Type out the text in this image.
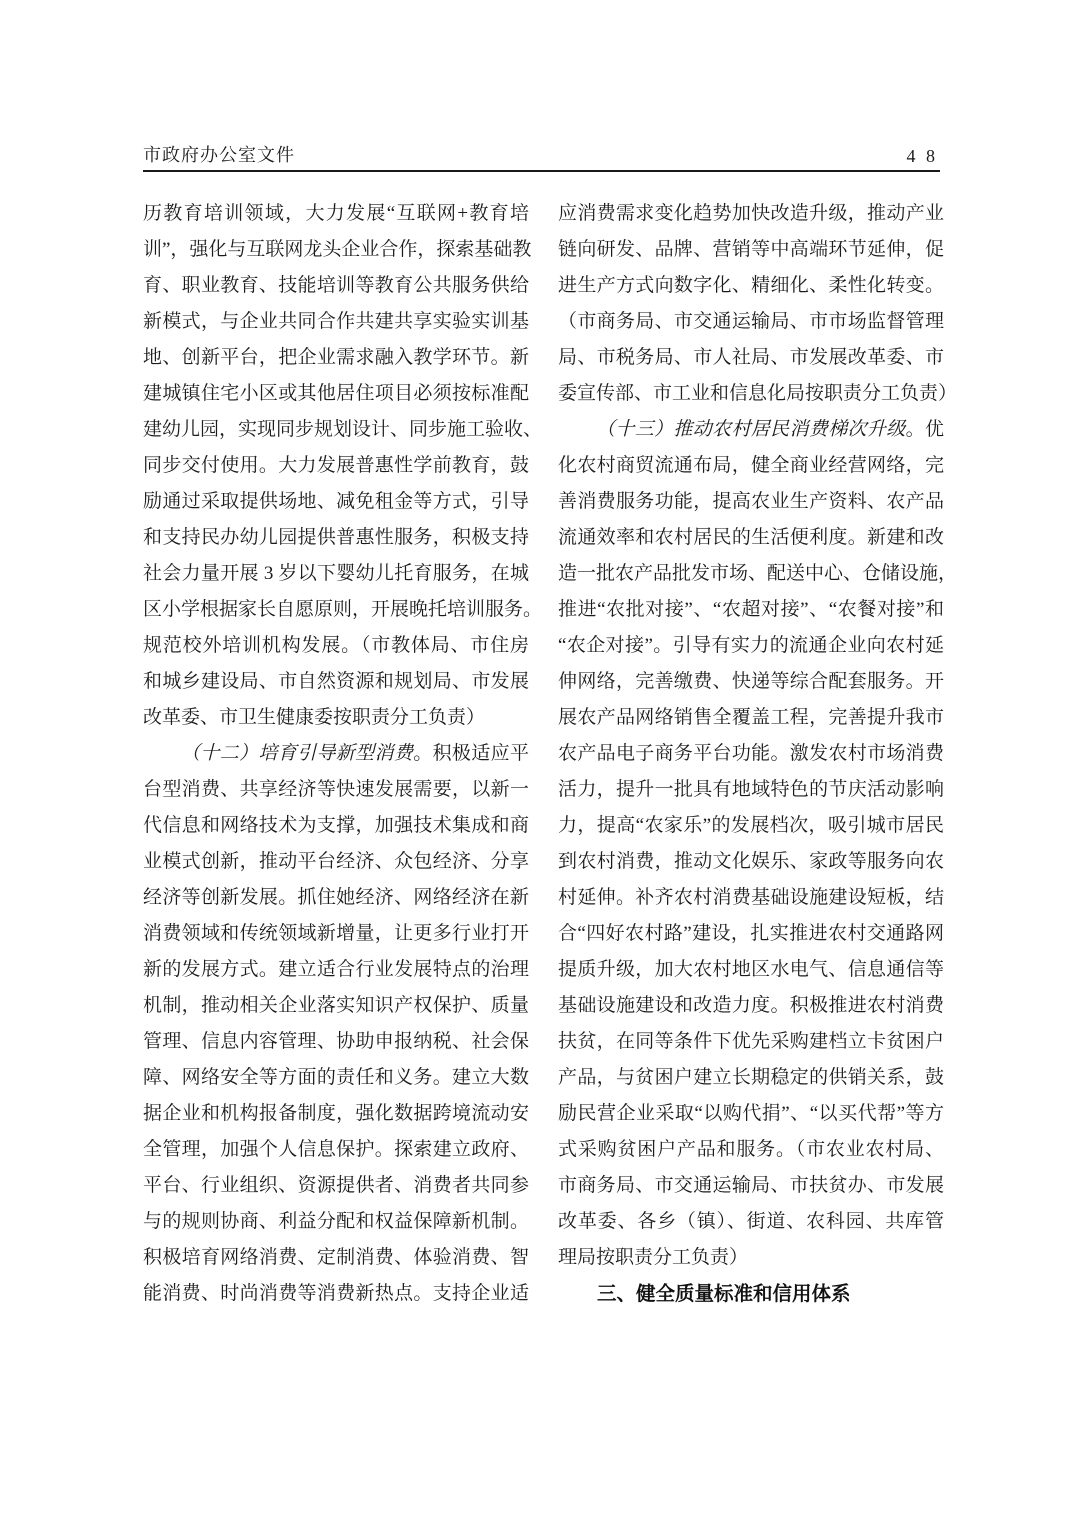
市政府办公室文件	4 8
历教育培训领域，大力发展“互联网+教育培
训”，强化与互联网龙头企业合作，探索基础教
育、职业教育、技能培训等教育公共服务供给
新模式，与企业共同合作共建共享实验实训基
地、创新平台，把企业需求融入教学环节。新
建城镇住宅小区或其他居住项目必须按标准配
建幼儿园，实现同步规划设计、同步施工验收、
同步交付使用。大力发展普惠性学前教育，鼓
励通过采取提供场地、减免租金等方式，引导
和支持民办幼儿园提供普惠性服务，积极支持
社会力量开展 3 岁以下婴幼儿托育服务，在城
区小学根据家长自愿原则，开展晚托培训服务。
规范校外培训机构发展。（市教体局、市住房
和城乡建设局、市自然资源和规划局、市发展
改革委、市卫生健康委按职责分工负责）
（十二）培育引导新型消费。积极适应平
台型消费、共享经济等快速发展需要，以新一
代信息和网络技术为支撑，加强技术集成和商
业模式创新，推动平台经济、众包经济、分享
经济等创新发展。抓住她经济、网络经济在新
消费领域和传统领域新增量，让更多行业打开
新的发展方式。建立适合行业发展特点的治理
机制，推动相关企业落实知识产权保护、质量
管理、信息内容管理、协助申报纳税、社会保
障、网络安全等方面的责任和义务。建立大数
据企业和机构报备制度，强化数据跨境流动安
全管理，加强个人信息保护。探索建立政府、
平台、行业组织、资源提供者、消费者共同参
与的规则协商、利益分配和权益保障新机制。
积极培育网络消费、定制消费、体验消费、智
能消费、时尚消费等消费新热点。支持企业适
应消费需求变化趋势加快改造升级，推动产业
链向研发、品牌、营销等中高端环节延伸，促
进生产方式向数字化、精细化、柔性化转变。
（市商务局、市交通运输局、市市场监督管理
局、市税务局、市人社局、市发展改革委、市
委宣传部、市工业和信息化局按职责分工负责）
（十三）推动农村居民消费梯次升级。优
化农村商贸流通布局，健全商业经营网络，完
善消费服务功能，提高农业生产资料、农产品
流通效率和农村居民的生活便利度。新建和改
造一批农产品批发市场、配送中心、仓储设施，
推进“农批对接”、“农超对接”、“农餐对接”和
“农企对接”。引导有实力的流通企业向农村延
伸网络，完善缴费、快递等综合配套服务。开
展农产品网络销售全覆盖工程，完善提升我市
农产品电子商务平台功能。激发农村市场消费
活力，提升一批具有地域特色的节庆活动影响
力，提高“农家乐”的发展档次，吸引城市居民
到农村消费，推动文化娱乐、家政等服务向农
村延伸。补齐农村消费基础设施建设短板，结
合“四好农村路”建设，扎实推进农村交通路网
提质升级，加大农村地区水电气、信息通信等
基础设施建设和改造力度。积极推进农村消费
扶贫，在同等条件下优先采购建档立卡贫困户
产品，与贫困户建立长期稳定的供销关系，鼓
励民营企业采取“以购代捐”、“以买代帮”等方
式采购贫困户产品和服务。（市农业农村局、
市商务局、市交通运输局、市扶贫办、市发展
改革委、各乡（镇）、街道、农科园、共库管
理局按职责分工负责）
三、健全质量标准和信用体系
